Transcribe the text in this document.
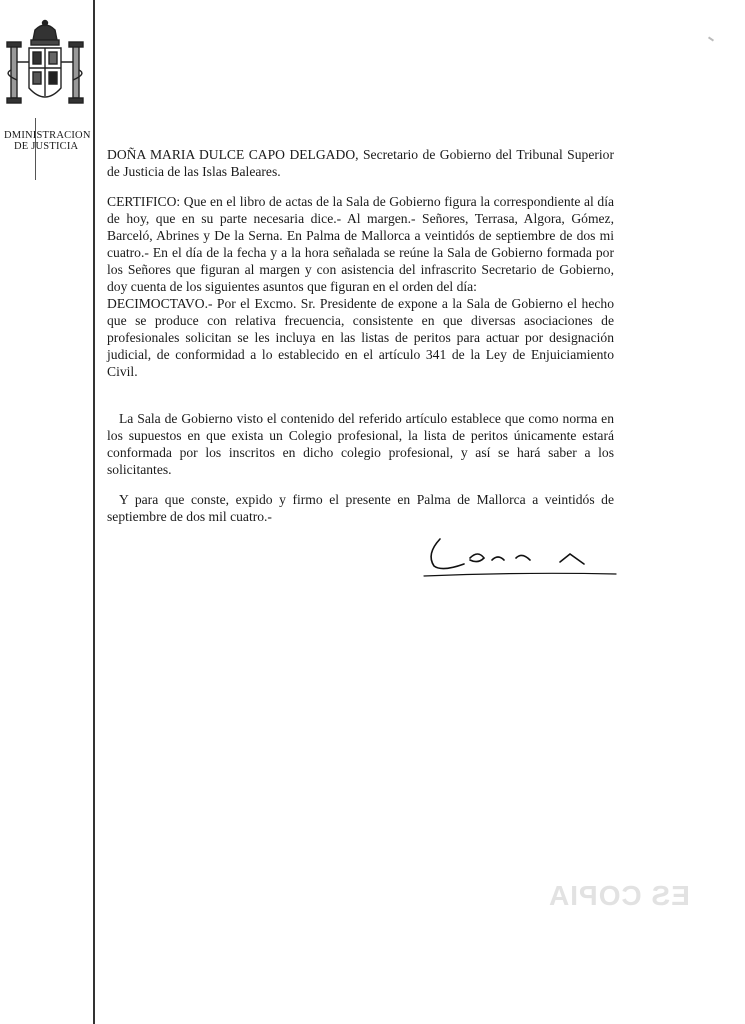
DMINISTRACION
DE JUSTICIA

DOÑA MARIA DULCE CAPO DELGADO, Secretario de Gobierno del Tribunal Superior de Justicia de las Islas Baleares.

CERTIFICO: Que en el libro de actas de la Sala de Gobierno figura la correspondiente al día de hoy, que en su parte necesaria dice.- Al margen.- Señores, Terrasa, Algora, Gómez, Barceló, Abrines y De la Serna. En Palma de Mallorca a veintidós de septiembre de dos mi cuatro.- En el día de la fecha y a la hora señalada se reúne la Sala de Gobierno formada por los Señores que figuran al margen y con asistencia del infrascrito Secretario de Gobierno, doy cuenta de los siguientes asuntos que figuran en el orden del día:

DECIMOCTAVO.- Por el Excmo. Sr. Presidente de expone a la Sala de Gobierno el hecho que se produce con relativa frecuencia, consistente en que diversas asociaciones de profesionales solicitan se les incluya en las listas de peritos para actuar por designación judicial, de conformidad a lo establecido en el artículo 341 de la Ley de Enjuiciamiento Civil.

La Sala de Gobierno visto el contenido del referido artículo establece que como norma en los supuestos en que exista un Colegio profesional, la lista de peritos únicamente estará conformada por los inscritos en dicho colegio profesional, y así se hará saber a los solicitantes.

Y para que conste, expido y firmo el presente en Palma de Mallorca a veintidós de septiembre de dos mil cuatro.-

ES COPIA
